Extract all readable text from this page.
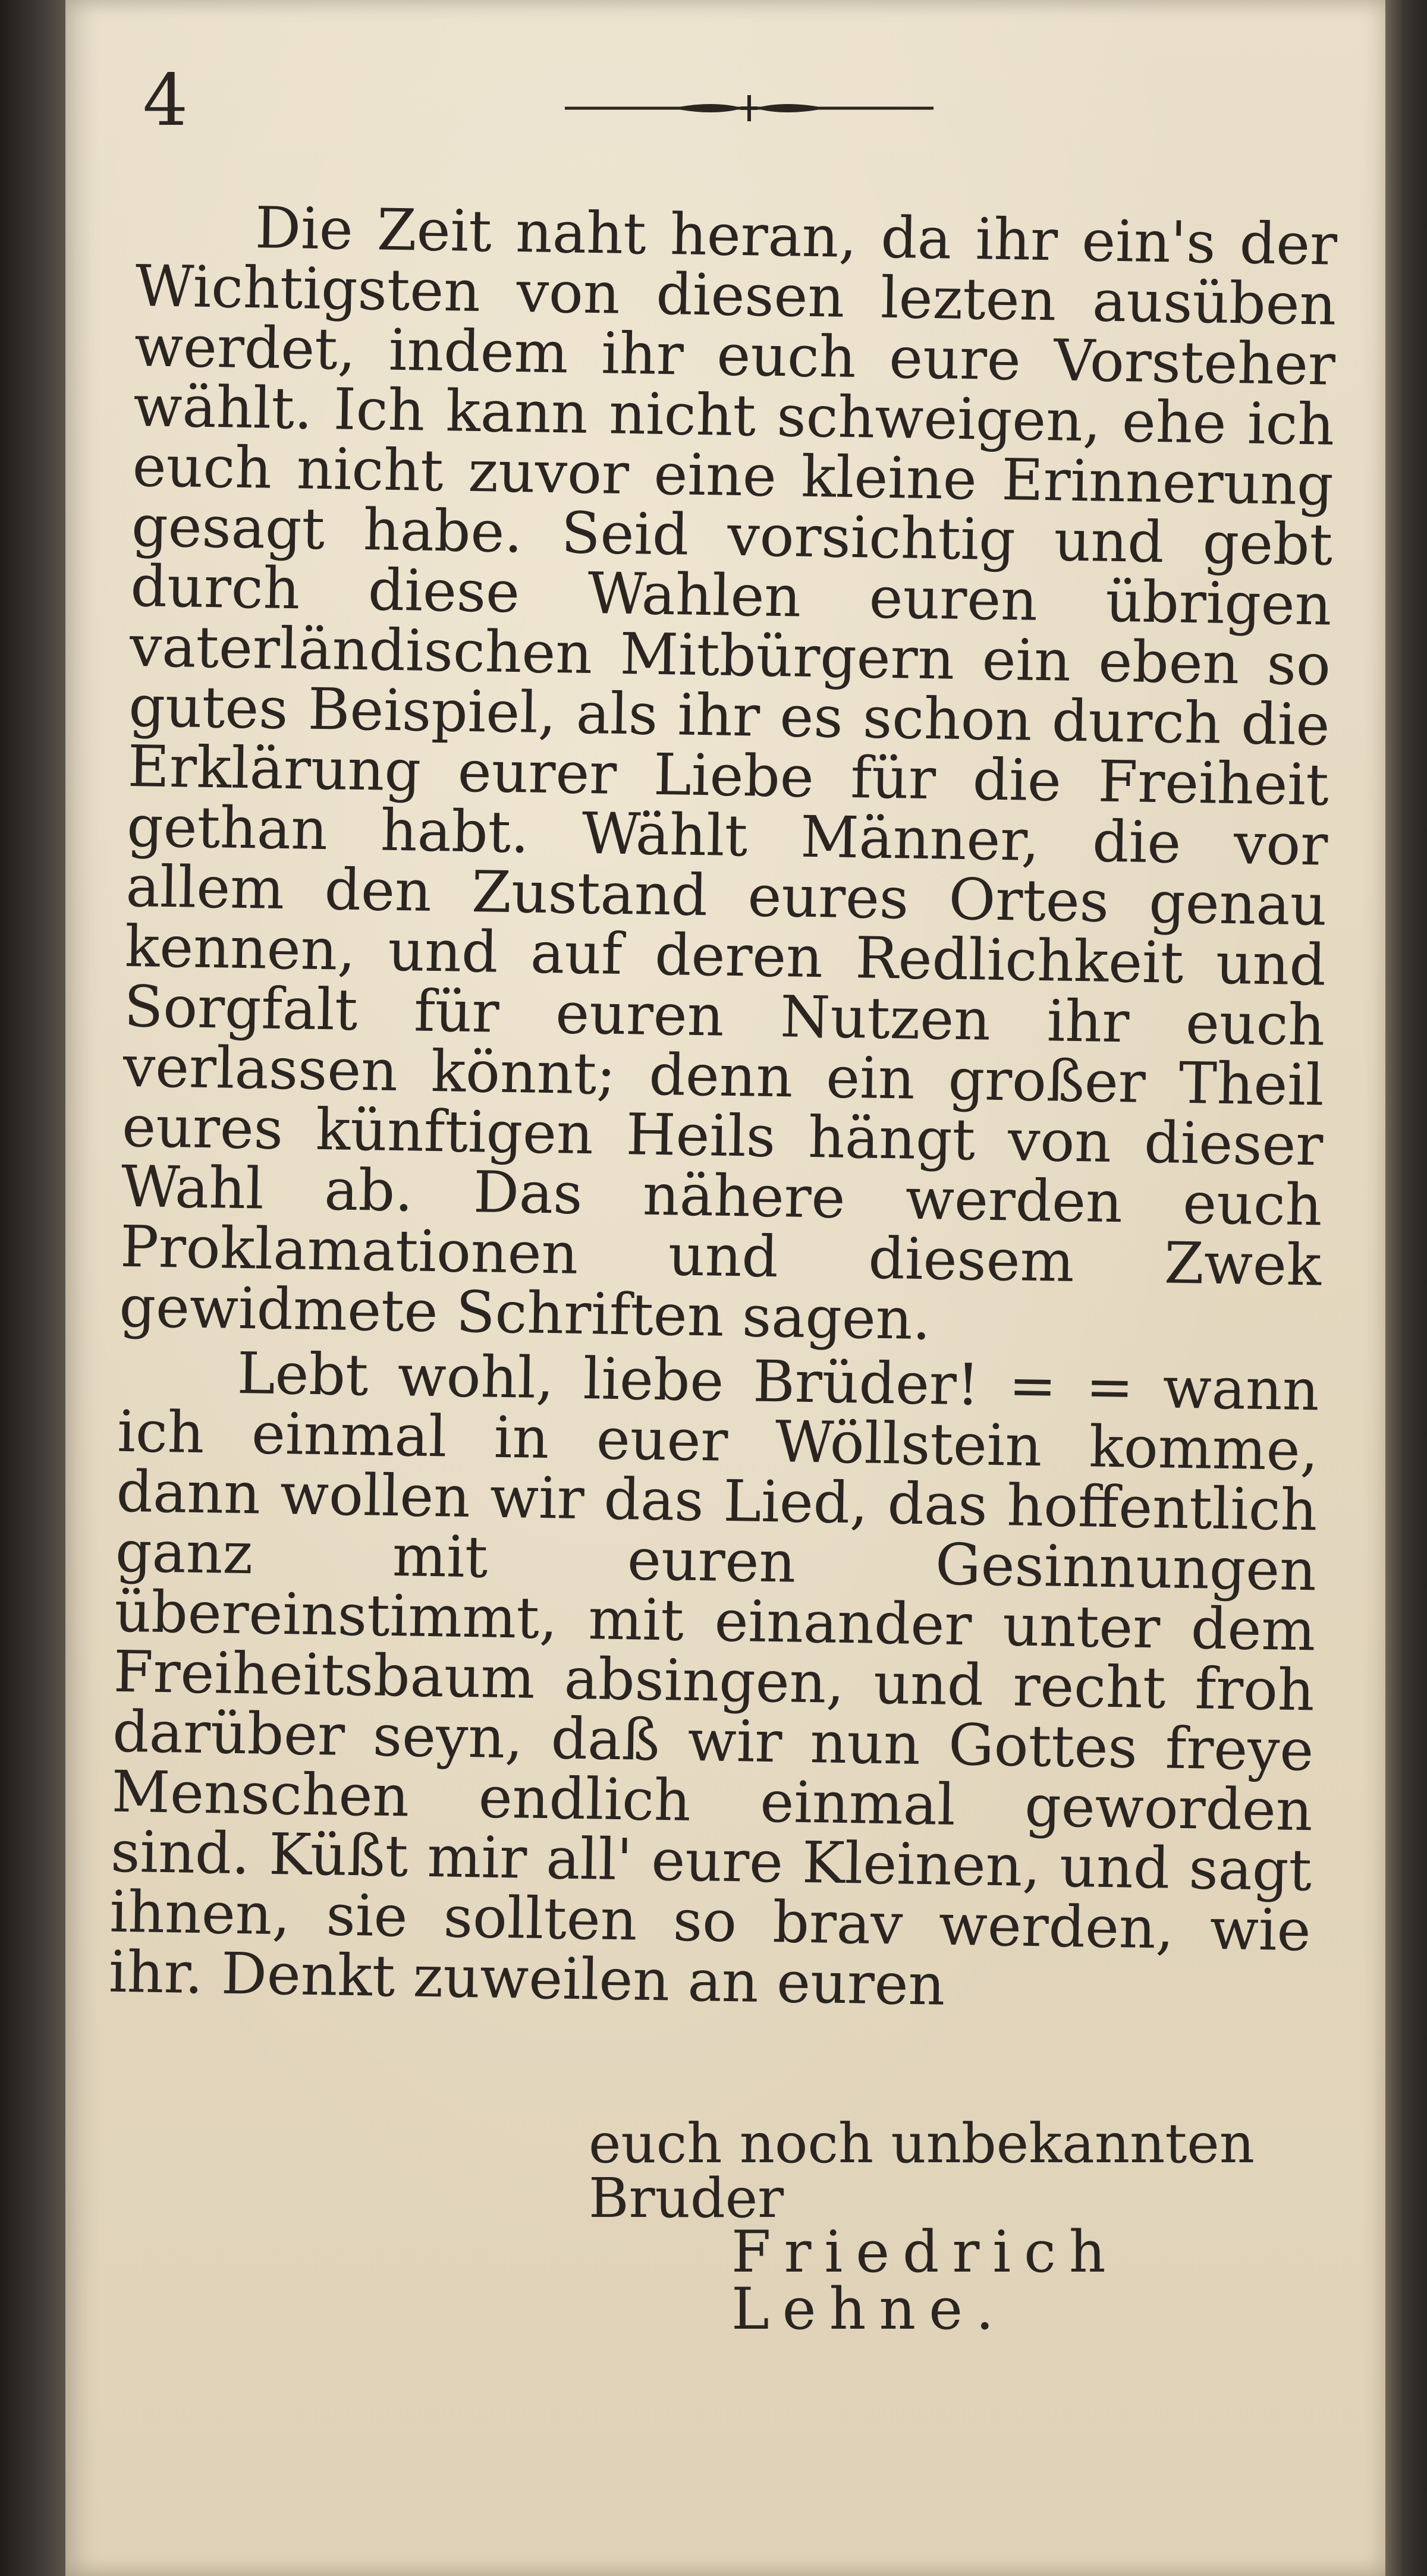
4

Die Zeit naht heran, da ihr ein's der Wichtigsten von diesen lezten ausüben werdet, indem ihr euch eure Vorsteher wählt. Ich kann nicht schweigen, ehe ich euch nicht zuvor eine kleine Erinnerung gesagt habe. Seid vorsichtig und gebt durch diese Wahlen euren übrigen vaterländischen Mitbürgern ein eben so gutes Beispiel, als ihr es schon durch die Erklärung eurer Liebe für die Freiheit gethan habt. Wählt Männer, die vor allem den Zustand eures Ortes genau kennen, und auf deren Redlichkeit und Sorgfalt für euren Nutzen ihr euch verlassen könnt; denn ein großer Theil eures künftigen Heils hängt von dieser Wahl ab. Das nähere werden euch Proklamationen und diesem Zwek gewidmete Schriften sagen.

Lebt wohl, liebe Brüder! = = wann ich einmal in euer Wöllstein komme, dann wollen wir das Lied, das hoffentlich ganz mit euren Gesinnungen übereinstimmt, mit einander unter dem Freiheitsbaum absingen, und recht froh darüber seyn, daß wir nun Gottes freye Menschen endlich einmal geworden sind. Küßt mir all' eure Kleinen, und sagt ihnen, sie sollten so brav werden, wie ihr. Denkt zuweilen an euren

euch noch unbekannten Bruder
Friedrich Lehne.
